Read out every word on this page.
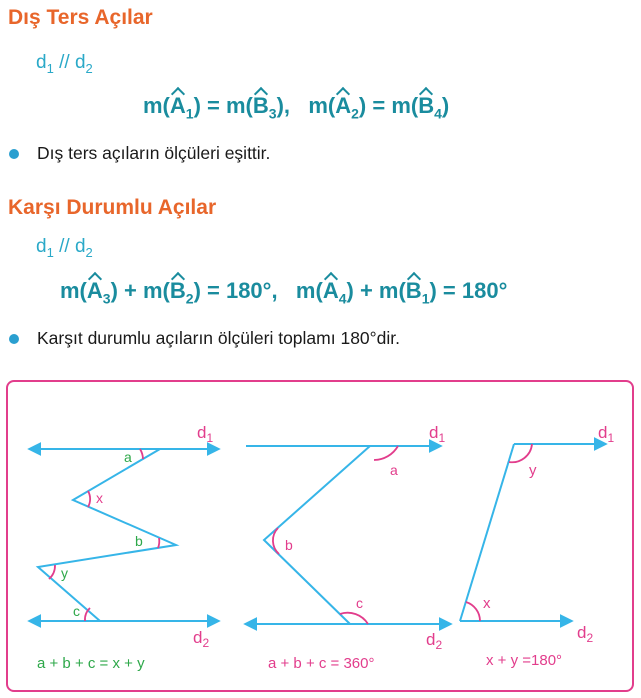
Dış Ters Açılar
$d_1 // d_2$
$m(A_1) = m(B_3)$,   $m(A_2) = m(B_4)$
Dış ters açıların ölçüleri eşittir.
Karşı Durumlu Açılar
$d_1 // d_2$
$m(A_3) + m(B_2) = 180^\circ$,   $m(A_4) + m(B_1) = 180^\circ$
Karşıt durumlu açıların ölçüleri toplamı 180°dir.
$d_1$
$d_2$
a
x
b
y
c
a + b + c = x + y
$d_1$
$d_2$
a
b
c
a + b + c = 360°
$d_1$
$d_2$
y
x
x + y =180°
